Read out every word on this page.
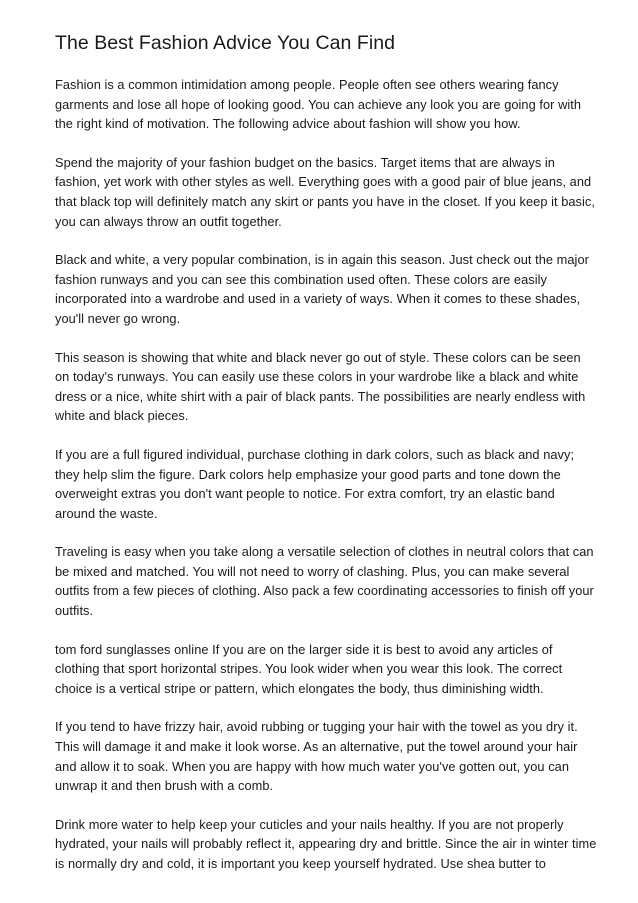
The Best Fashion Advice You Can Find

Fashion is a common intimidation among people. People often see others wearing fancy garments and lose all hope of looking good. You can achieve any look you are going for with the right kind of motivation. The following advice about fashion will show you how.

Spend the majority of your fashion budget on the basics. Target items that are always in fashion, yet work with other styles as well. Everything goes with a good pair of blue jeans, and that black top will definitely match any skirt or pants you have in the closet. If you keep it basic, you can always throw an outfit together.

Black and white, a very popular combination, is in again this season. Just check out the major fashion runways and you can see this combination used often. These colors are easily incorporated into a wardrobe and used in a variety of ways. When it comes to these shades, you'll never go wrong.

This season is showing that white and black never go out of style. These colors can be seen on today's runways. You can easily use these colors in your wardrobe like a black and white dress or a nice, white shirt with a pair of black pants. The possibilities are nearly endless with white and black pieces.

If you are a full figured individual, purchase clothing in dark colors, such as black and navy; they help slim the figure. Dark colors help emphasize your good parts and tone down the overweight extras you don't want people to notice. For extra comfort, try an elastic band around the waste.

Traveling is easy when you take along a versatile selection of clothes in neutral colors that can be mixed and matched. You will not need to worry of clashing. Plus, you can make several outfits from a few pieces of clothing. Also pack a few coordinating accessories to finish off your outfits.

tom ford sunglasses online If you are on the larger side it is best to avoid any articles of clothing that sport horizontal stripes. You look wider when you wear this look. The correct choice is a vertical stripe or pattern, which elongates the body, thus diminishing width.

If you tend to have frizzy hair, avoid rubbing or tugging your hair with the towel as you dry it. This will damage it and make it look worse. As an alternative, put the towel around your hair and allow it to soak. When you are happy with how much water you've gotten out, you can unwrap it and then brush with a comb.

Drink more water to help keep your cuticles and your nails healthy. If you are not properly hydrated, your nails will probably reflect it, appearing dry and brittle. Since the air in winter time is normally dry and cold, it is important you keep yourself hydrated. Use shea butter to
